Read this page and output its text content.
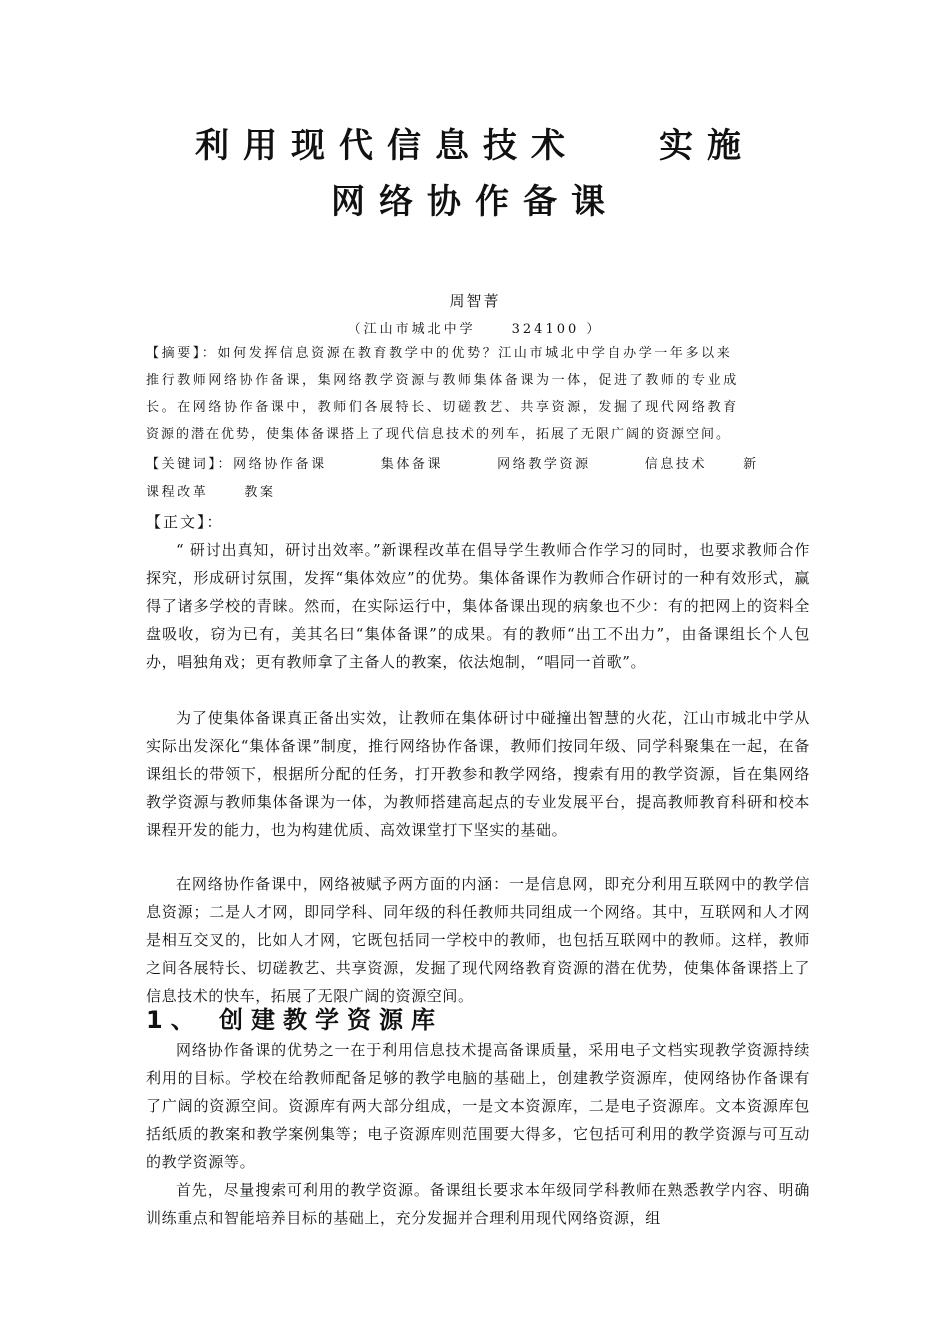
利用现代信息技术 实施
网络协作备课
周智菁
（江山市城北中学	324100 ）
【摘要】：如何发挥信息资源在教育教学中的优势？江山市城北中学自办学一年多以来
推行教师网络协作备课，集网络教学资源与教师集体备课为一体，促进了教师的专业成
长。在网络协作备课中，教师们各展特长、切磋教艺、共享资源，发掘了现代网络教育
资源的潜在优势，使集体备课搭上了现代信息技术的列车，拓展了无限广阔的资源空间。
【关键词】：网络协作备课	集体备课	网络教学资源	信息技术	新
课程改革	教案
【正文】：

“ 研讨出真知，研讨出效率。”新课程改革在倡导学生教师合作学习的同时，也要求教师合作探究，形成研讨氛围，发挥“集体效应”的优势。集体备课作为教师合作研讨的一种有效形式，赢得了诸多学校的青睐。然而，在实际运行中，集体备课出现的病象也不少：有的把网上的资料全盘吸收，窃为已有，美其名曰“集体备课”的成果。有的教师“出工不出力”，由备课组长个人包办，唱独角戏；更有教师拿了主备人的教案，依法炮制，“唱同一首歌”。

为了使集体备课真正备出实效，让教师在集体研讨中碰撞出智慧的火花，江山市城北中学从实际出发深化“集体备课”制度，推行网络协作备课，教师们按同年级、同学科聚集在一起，在备课组长的带领下，根据所分配的任务，打开教参和教学网络，搜索有用的教学资源，旨在集网络教学资源与教师集体备课为一体，为教师搭建高起点的专业发展平台，提高教师教育科研和校本课程开发的能力，也为构建优质、高效课堂打下坚实的基础。

在网络协作备课中，网络被赋予两方面的内涵：一是信息网，即充分利用互联网中的教学信息资源；二是人才网，即同学科、同年级的科任教师共同组成一个网络。其中，互联网和人才网是相互交叉的，比如人才网，它既包括同一学校中的教师，也包括互联网中的教师。这样，教师之间各展特长、切磋教艺、共享资源，发掘了现代网络教育资源的潜在优势，使集体备课搭上了信息技术的快车，拓展了无限广阔的资源空间。

1、 创建教学资源库

网络协作备课的优势之一在于利用信息技术提高备课质量，采用电子文档实现教学资源持续利用的目标。学校在给教师配备足够的教学电脑的基础上，创建教学资源库，使网络协作备课有了广阔的资源空间。资源库有两大部分组成，一是文本资源库，二是电子资源库。文本资源库包括纸质的教案和教学案例集等；电子资源库则范围要大得多，它包括可利用的教学资源与可互动的教学资源等。

首先，尽量搜索可利用的教学资源。备课组长要求本年级同学科教师在熟悉教学内容、明确训练重点和智能培养目标的基础上，充分发掘并合理利用现代网络资源，组
